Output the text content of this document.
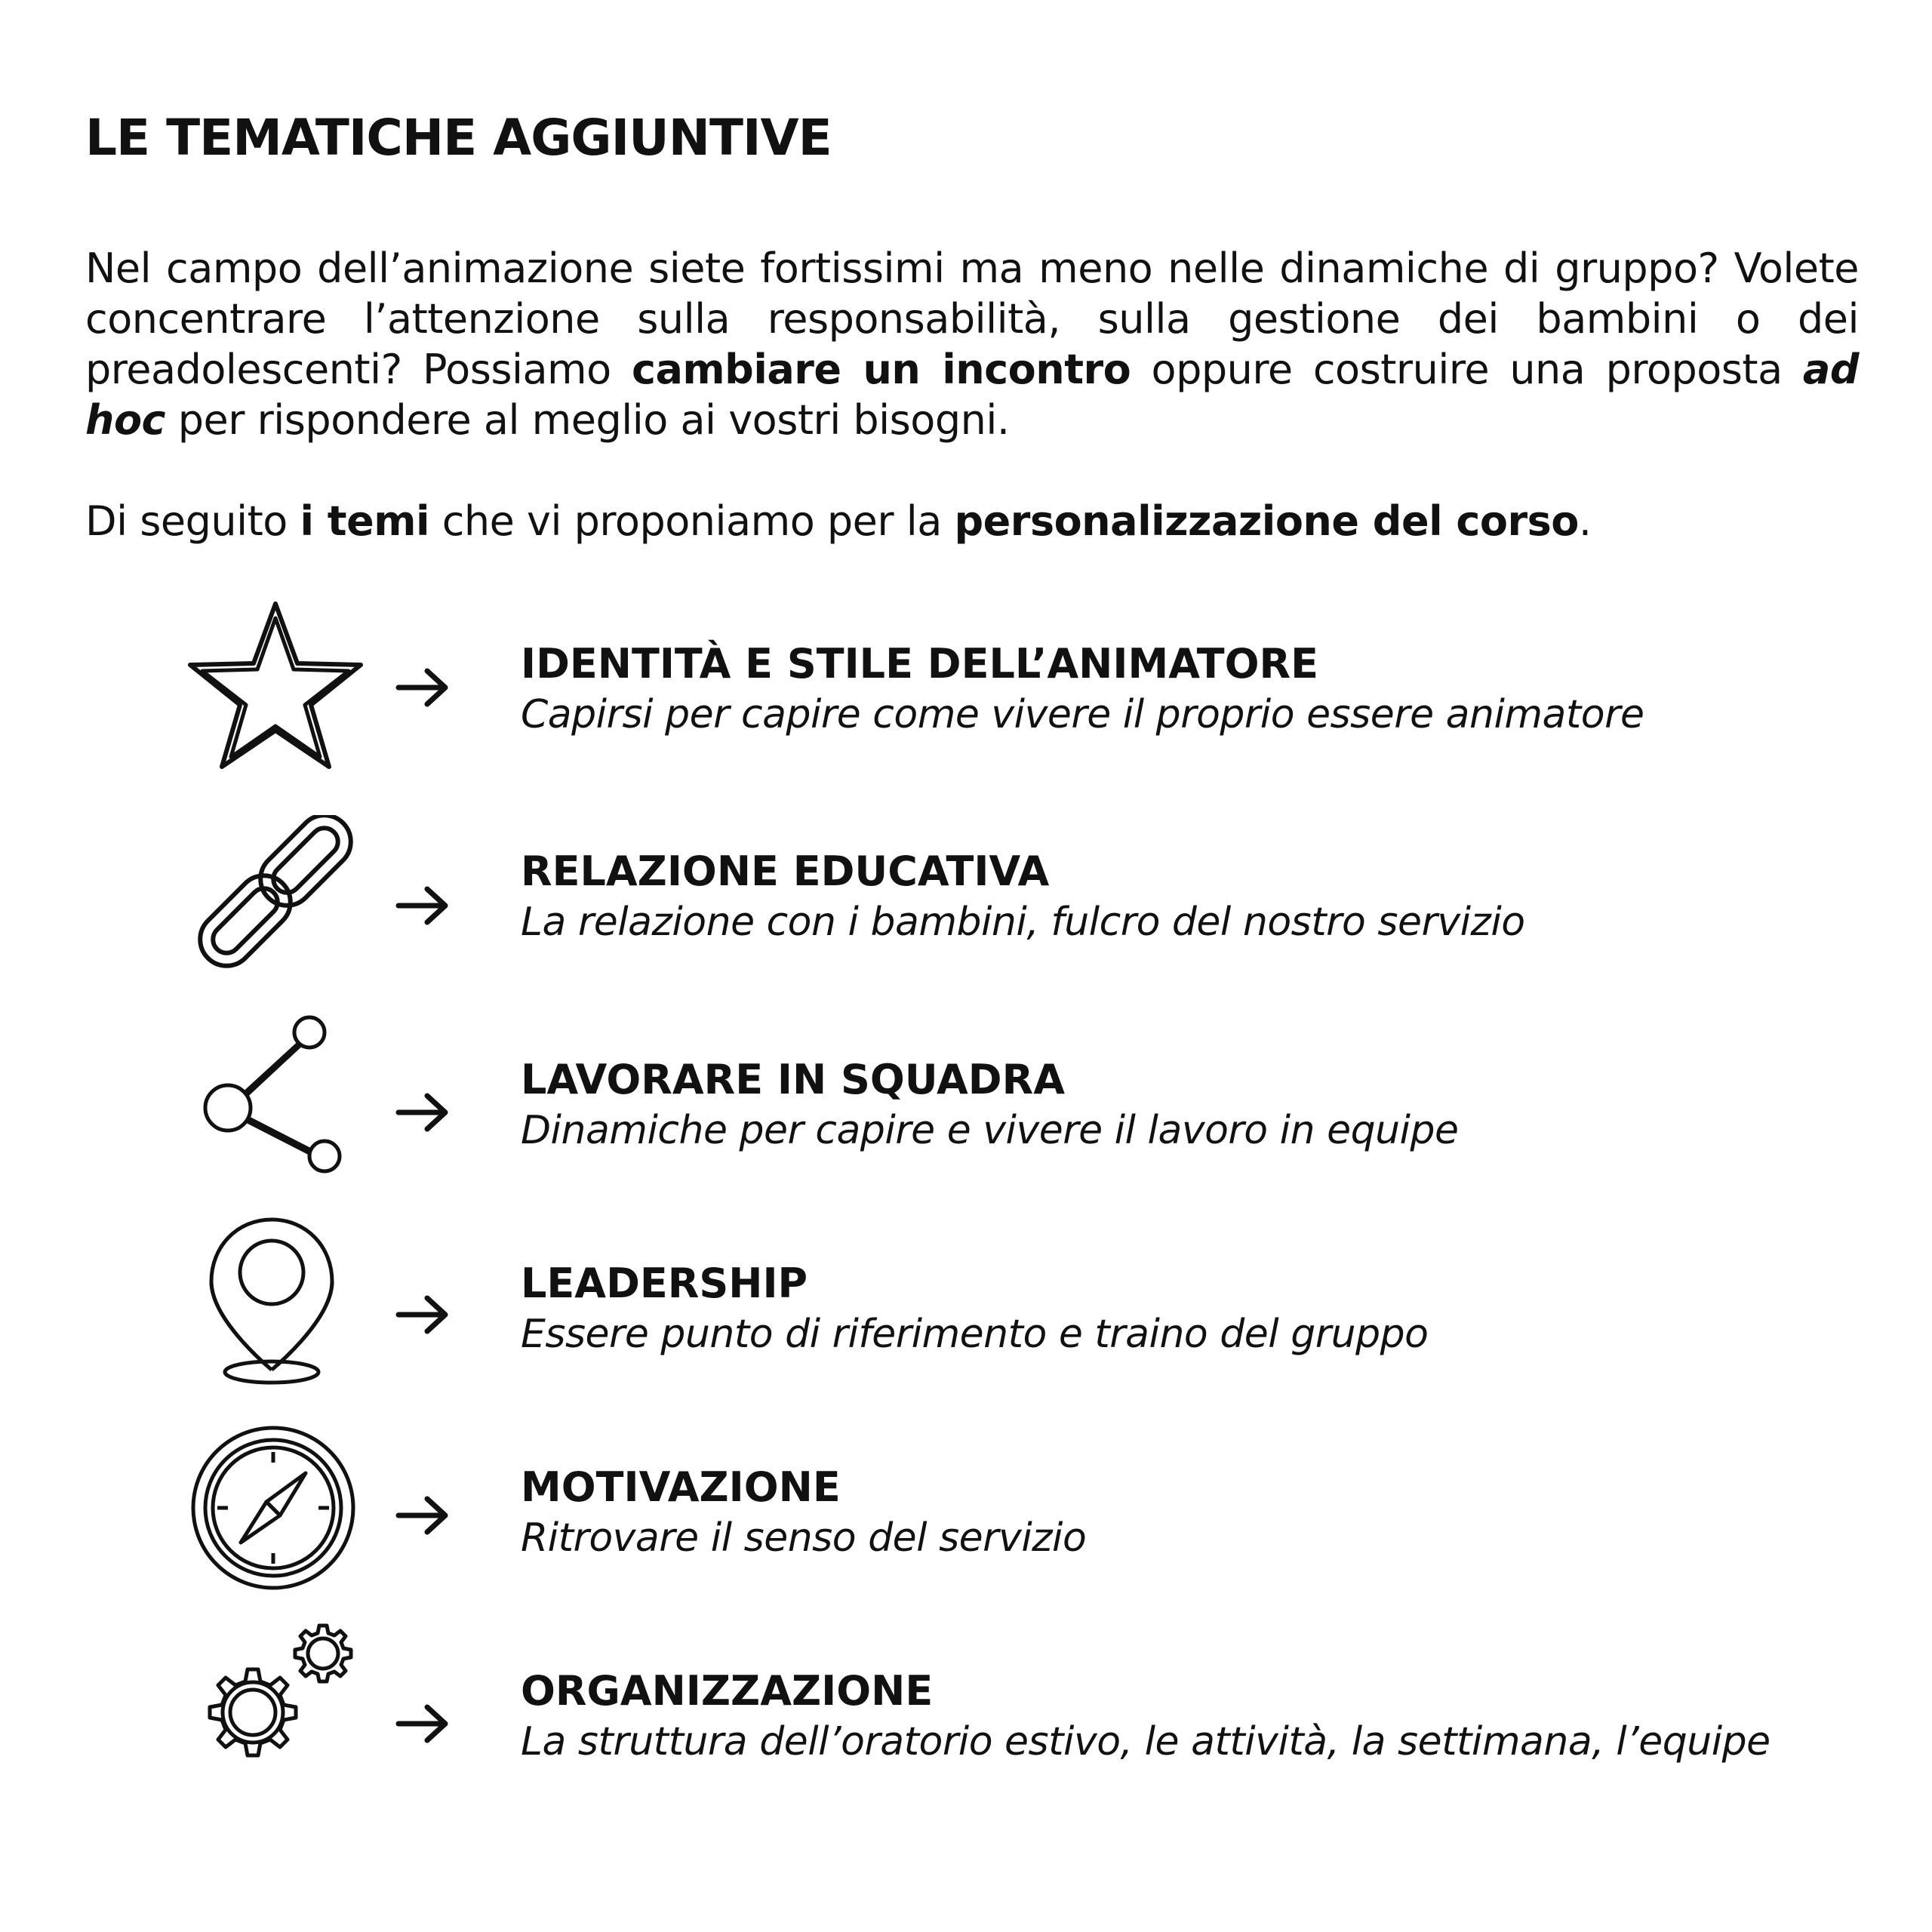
LE TEMATICHE AGGIUNTIVE

Nel campo dell’animazione siete fortissimi ma meno nelle dinamiche di gruppo? Volete concentrare l’attenzione sulla responsabilità, sulla gestione dei bambini o dei preadolescenti? Possiamo cambiare un incontro oppure costruire una proposta ad hoc per rispondere al meglio ai vostri bisogni.

Di seguito i temi che vi proponiamo per la personalizzazione del corso.

IDENTITÀ E STILE DELL’ANIMATORE
Capirsi per capire come vivere il proprio essere animatore
RELAZIONE EDUCATIVA
La relazione con i bambini, fulcro del nostro servizio
LAVORARE IN SQUADRA
Dinamiche per capire e vivere il lavoro in equipe
LEADERSHIP
Essere punto di riferimento e traino del gruppo
MOTIVAZIONE
Ritrovare il senso del servizio
ORGANIZZAZIONE
La struttura dell’oratorio estivo, le attività, la settimana, l’equipe
